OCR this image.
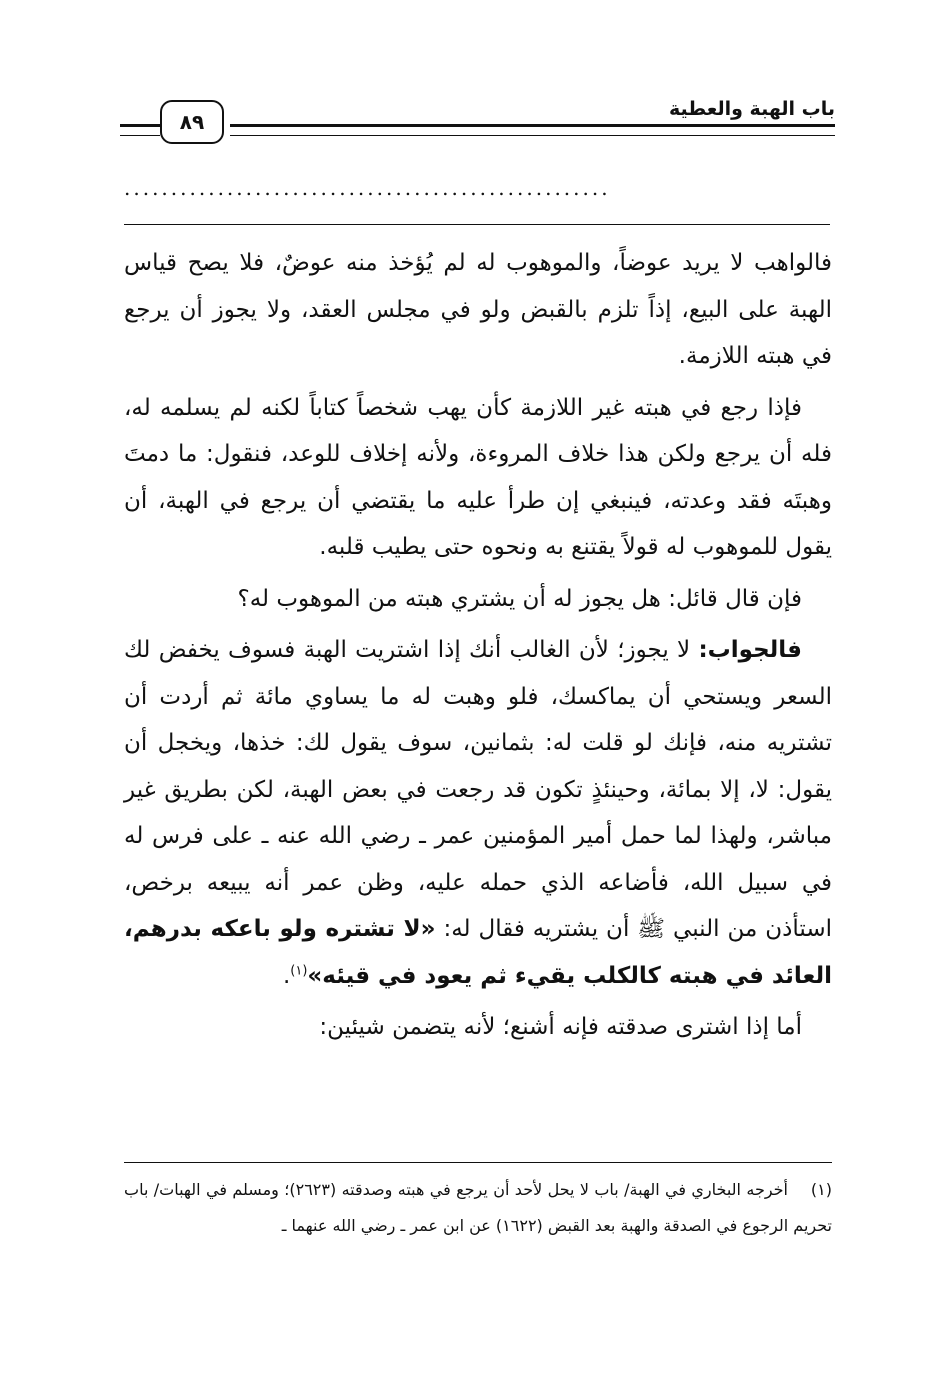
باب الهبة والعطية
٨٩
....................................................

فالواهب لا يريد عوضاً، والموهوب له لم يُؤخذ منه عوضٌ، فلا يصح قياس الهبة على البيع، إذاً تلزم بالقبض ولو في مجلس العقد، ولا يجوز أن يرجع في هبته اللازمة.

فإذا رجع في هبته غير اللازمة كأن يهب شخصاً كتاباً لكنه لم يسلمه له، فله أن يرجع ولكن هذا خلاف المروءة، ولأنه إخلاف للوعد، فنقول: ما دمتَ وهبتَه فقد وعدته، فينبغي إن طرأ عليه ما يقتضي أن يرجع في الهبة، أن يقول للموهوب له قولاً يقتنع به ونحوه حتى يطيب قلبه.

فإن قال قائل: هل يجوز له أن يشتري هبته من الموهوب له؟

فالجواب: لا يجوز؛ لأن الغالب أنك إذا اشتريت الهبة فسوف يخفض لك السعر ويستحي أن يماكسك، فلو وهبت له ما يساوي مائة ثم أردت أن تشتريه منه، فإنك لو قلت له: بثمانين، سوف يقول لك: خذها، ويخجل أن يقول: لا، إلا بمائة، وحينئذٍ تكون قد رجعت في بعض الهبة، لكن بطريق غير مباشر، ولهذا لما حمل أمير المؤمنين عمر ـ رضي الله عنه ـ على فرس له في سبيل الله، فأضاعه الذي حمله عليه، وظن عمر أنه يبيعه برخص، استأذن من النبي ﷺ أن يشتريه فقال له: «لا تشتره ولو باعكه بدرهم، العائد في هبته كالكلب يقيء ثم يعود في قيئه»$^{(١)}$.

أما إذا اشترى صدقته فإنه أشنع؛ لأنه يتضمن شيئين:

(١)أخرجه البخاري في الهبة/ باب لا يحل لأحد أن يرجع في هبته وصدقته (٢٦٢٣)؛ ومسلم في الهبات/ باب تحريم الرجوع في الصدقة والهبة بعد القبض (١٦٢٢) عن ابن عمر ـ رضي الله عنهما ـ
